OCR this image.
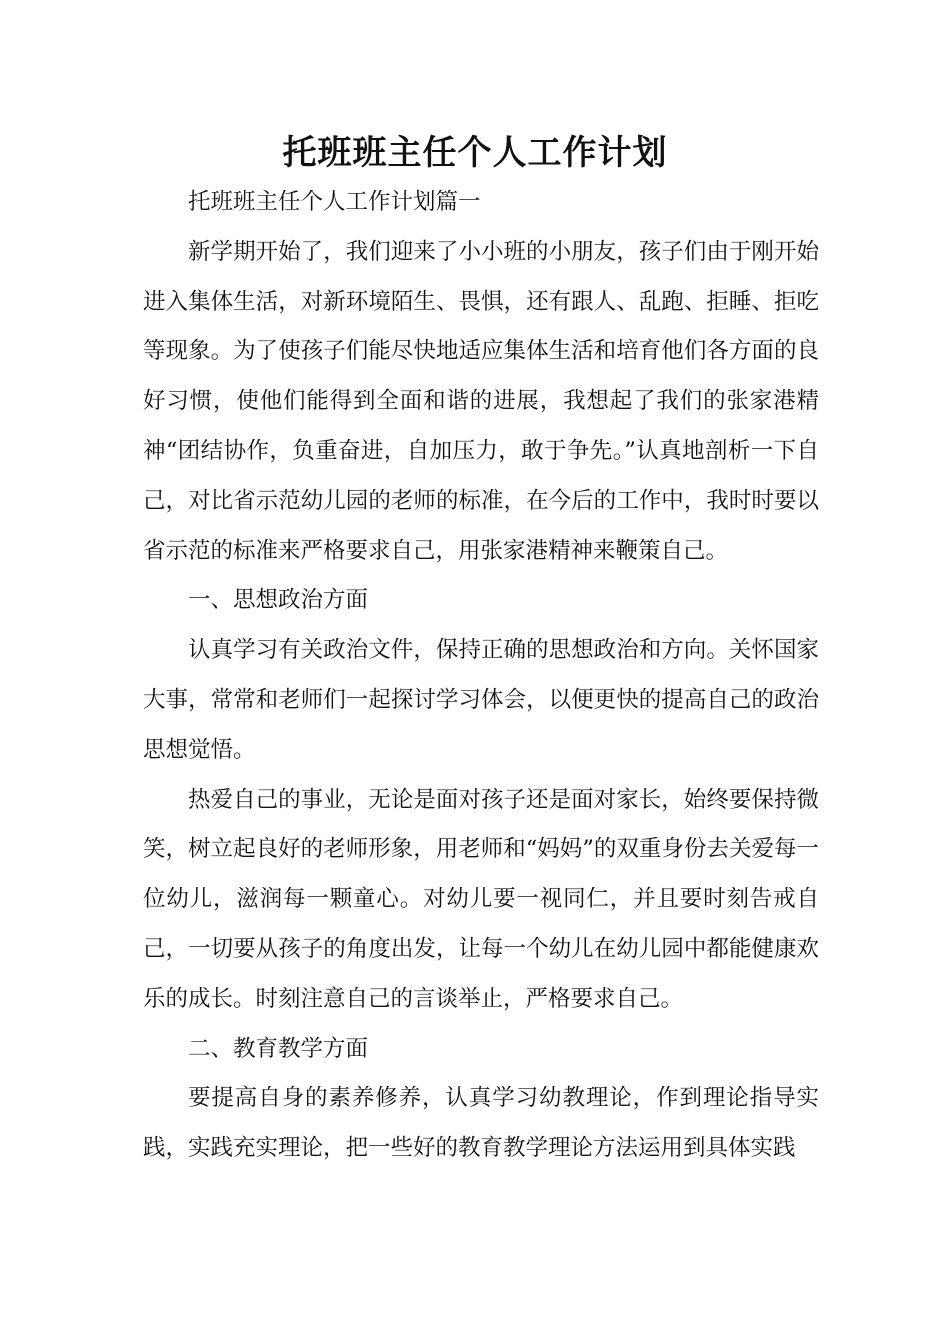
托班班主任个人工作计划

托班班主任个人工作计划篇一

新学期开始了，我们迎来了小小班的小朋友，孩子们由于刚开始进入集体生活，对新环境陌生、畏惧，还有跟人、乱跑、拒睡、拒吃等现象。为了使孩子们能尽快地适应集体生活和培育他们各方面的良好习惯，使他们能得到全面和谐的进展，我想起了我们的张家港精神“团结协作，负重奋进，自加压力，敢于争先。”认真地剖析一下自己，对比省示范幼儿园的老师的标准，在今后的工作中，我时时要以省示范的标准来严格要求自己，用张家港精神来鞭策自己。

一、思想政治方面

认真学习有关政治文件，保持正确的思想政治和方向。关怀国家大事，常常和老师们一起探讨学习体会，以便更快的提高自己的政治思想觉悟。

热爱自己的事业，无论是面对孩子还是面对家长，始终要保持微笑，树立起良好的老师形象，用老师和“妈妈”的双重身份去关爱每一位幼儿，滋润每一颗童心。对幼儿要一视同仁，并且要时刻告戒自己，一切要从孩子的角度出发，让每一个幼儿在幼儿园中都能健康欢乐的成长。时刻注意自己的言谈举止，严格要求自己。

二、教育教学方面

要提高自身的素养修养，认真学习幼教理论，作到理论指导实践，实践充实理论，把一些好的教育教学理论方法运用到具体实践
